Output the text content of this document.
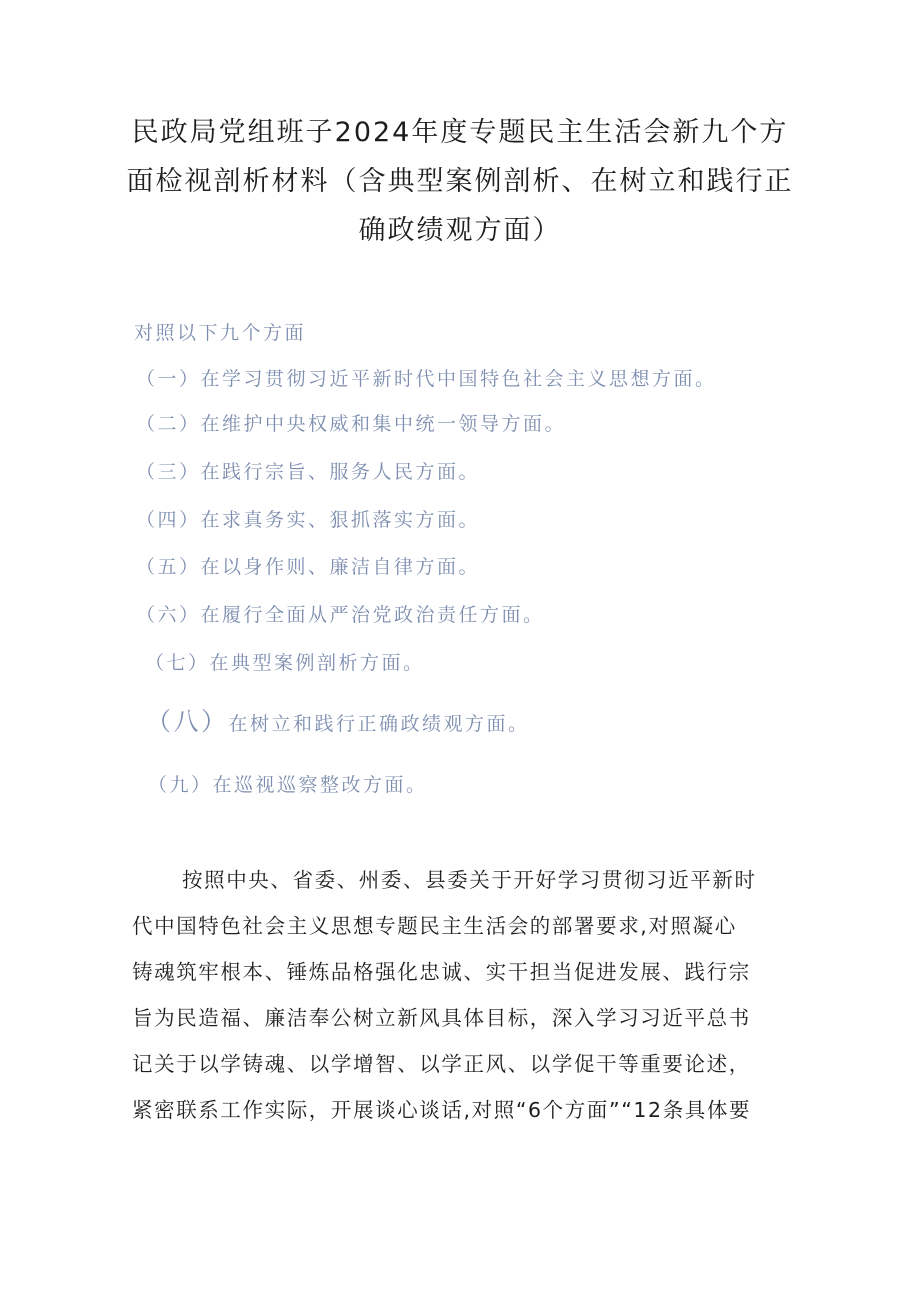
民政局党组班子2024年度专题民主生活会新九个方
面检视剖析材料（含典型案例剖析、在树立和践行正
确政绩观方面）
对照以下九个方面
（一）在学习贯彻习近平新时代中国特色社会主义思想方面。
（二）在维护中央权威和集中统一领导方面。
（三）在践行宗旨、服务人民方面。
（四）在求真务实、狠抓落实方面。
（五）在以身作则、廉洁自律方面。
（六）在履行全面从严治党政治责任方面。
（七）在典型案例剖析方面。
（八）在树立和践行正确政绩观方面。
（九）在巡视巡察整改方面。
按照中央、省委、州委、县委关于开好学习贯彻习近平新时
代中国特色社会主义思想专题民主生活会的部署要求,对照凝心
铸魂筑牢根本、锤炼品格强化忠诚、实干担当促进发展、践行宗
旨为民造福、廉洁奉公树立新风具体目标，深入学习习近平总书
记关于以学铸魂、以学增智、以学正风、以学促干等重要论述，
紧密联系工作实际，开展谈心谈话,对照“6个方面”“12条具体要
